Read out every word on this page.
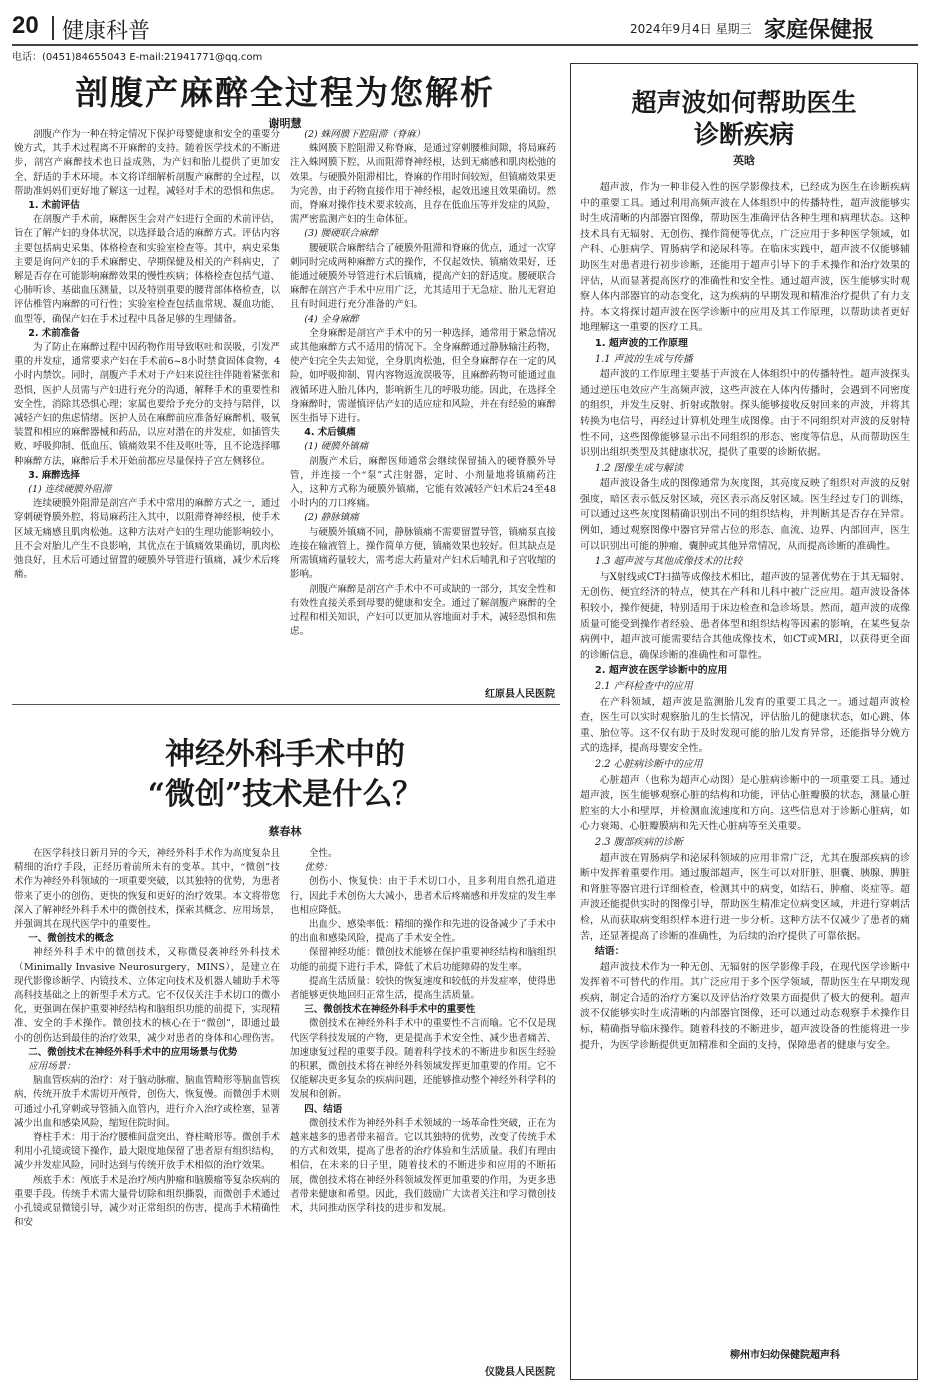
20 健康科普	2024年9月4日 星期三 家庭保健报
电话：(0451)84655043 E-mail:21941771@qq.com
剖腹产麻醉全过程为您解析
谢明慧

剖腹产作为一种在特定情况下保护母婴健康和安全的重要分娩方式，其手术过程离不开麻醉的支持。随着医学技术的不断进步，剖宫产麻醉技术也日益成熟，为产妇和胎儿提供了更加安全、舒适的手术环境。本文将详细解析剖腹产麻醉的全过程，以帮助准妈妈们更好地了解这一过程，减轻对手术的恐惧和焦虑。

1. 术前评估

在剖腹产手术前，麻醉医生会对产妇进行全面的术前评估，旨在了解产妇的身体状况，以选择最合适的麻醉方式。评估内容主要包括病史采集、体格检查和实验室检查等。其中，病史采集主要是询问产妇的手术麻醉史、孕期保健及相关的产科病史，了解是否存在可能影响麻醉效果的慢性疾病；体格检查包括气道、心肺听诊、基础血压测量，以及特别重要的腰背部体格检查，以评估椎管内麻醉的可行性；实验室检查包括血常规、凝血功能、血型等，确保产妇在手术过程中具备足够的生理储备。

2. 术前准备

为了防止在麻醉过程中因药物作用导致呕吐和误吸，引发严重的并发症，通常要求产妇在手术前6~8小时禁食固体食物，4小时内禁饮。同时，剖腹产手术对于产妇来说往往伴随着紧张和恐惧，医护人员需与产妇进行充分的沟通，解释手术的重要性和安全性，消除其恐惧心理；家属也要给予充分的支持与陪伴，以减轻产妇的焦虑情绪。医护人员在麻醉前应准备好麻醉机、吸氧装置和相应的麻醉器械和药品，以应对潜在的并发症，如插管失败、呼吸抑制、低血压、镇痛效果不佳及呕吐等，且不论选择哪种麻醉方法，麻醉后手术开始前都应尽量保持子宫左侧移位。

3. 麻醉选择

(1) 连续硬膜外阻滞

连续硬膜外阻滞是剖宫产手术中常用的麻醉方式之一，通过穿刺硬脊膜外腔，将局麻药注入其中，以阻滞脊神经根，使手术区域无痛感且肌肉松弛。这种方法对产妇的生理功能影响较小，且不会对胎儿产生不良影响，其优点在于镇痛效果确切，肌肉松弛良好，且术后可通过留置的硬膜外导管进行镇痛，减少术后疼痛。

(2) 蛛网膜下腔阻滞（脊麻）

蛛网膜下腔阻滞又称脊麻，是通过穿刺腰椎间隙，将局麻药注入蛛网膜下腔，从而阻滞脊神经根，达到无痛感和肌肉松弛的效果。与硬膜外阻滞相比，脊麻的作用时间较短，但镇痛效果更为完善，由于药物直接作用于神经根，起效迅速且效果确切。然而，脊麻对操作技术要求较高，且存在低血压等并发症的风险，需严密监测产妇的生命体征。

(3) 腰硬联合麻醉

腰硬联合麻醉结合了硬膜外阻滞和脊麻的优点，通过一次穿刺同时完成两种麻醉方式的操作，不仅起效快、镇痛效果好，还能通过硬膜外导管进行术后镇痛，提高产妇的舒适度。腰硬联合麻醉在剖宫产手术中应用广泛，尤其适用于无急症、胎儿无窘迫且有时间进行充分准备的产妇。

(4) 全身麻醉

全身麻醉是剖宫产手术中的另一种选择，通常用于紧急情况或其他麻醉方式不适用的情况下。全身麻醉通过静脉输注药物，使产妇完全失去知觉，全身肌肉松弛，但全身麻醉存在一定的风险，如呼吸抑制、胃内容物返流误吸等，且麻醉药物可能通过血液循环进入胎儿体内，影响新生儿的呼吸功能。因此，在选择全身麻醉时，需谨慎评估产妇的适应症和风险，并在有经验的麻醉医生指导下进行。

4. 术后镇痛

(1) 硬膜外镇痛

剖腹产术后，麻醉医师通常会继续保留插入的硬脊膜外导管，并连接一个“泵”式注射器，定时、小剂量地将镇痛药注入，这种方式称为硬膜外镇痛，它能有效减轻产妇术后24至48小时内的刀口疼痛。

(2) 静脉镇痛

与硬膜外镇痛不同，静脉镇痛不需要留置导管，镇痛泵直接连接在输液管上，操作简单方便，镇痛效果也较好。但其缺点是所需镇痛药量较大，需考虑大药量对产妇术后哺乳和子宫收缩的影响。

剖腹产麻醉是剖宫产手术中不可或缺的一部分，其安全性和有效性直接关系到母婴的健康和安全。通过了解剖腹产麻醉的全过程和相关知识，产妇可以更加从容地面对手术，减轻恐惧和焦虑。

红原县人民医院
神经外科手术中的
“微创”技术是什么？
蔡春林

在医学科技日新月异的今天，神经外科手术作为高度复杂且精细的治疗手段，正经历着前所未有的变革。其中，“微创”技术作为神经外科领域的一项重要突破，以其独特的优势，为患者带来了更小的创伤、更快的恢复和更好的治疗效果。本文将带您深入了解神经外科手术中的微创技术，探索其概念、应用场景，并强调其在现代医学中的重要性。

一、微创技术的概念

神经外科手术中的微创技术，又称微侵袭神经外科技术（Minimally Invasive Neurosurgery，MINS），是建立在现代影像诊断学、内镜技术、立体定向技术及机器人辅助手术等高科技基础之上的新型手术方式。它不仅仅关注手术切口的微小化，更强调在保护重要神经结构和脑组织功能的前提下，实现精准、安全的手术操作。微创技术的核心在于“微创”，即通过最小的创伤达到最佳的治疗效果，减少对患者的身体和心理伤害。

二、微创技术在神经外科手术中的应用场景与优势

应用场景：

脑血管疾病的治疗：对于脑动脉瘤、脑血管畸形等脑血管疾病，传统开放手术需切开颅骨，创伤大、恢复慢。而微创手术则可通过小孔穿刺或导管插入血管内，进行介入治疗或栓塞，显著减少出血和感染风险，缩短住院时间。

脊柱手术：用于治疗腰椎间盘突出、脊柱畸形等。微创手术利用小孔镜或镜下操作，最大限度地保留了患者原有组织结构，减少并发症风险，同时达到与传统开放手术相似的治疗效果。

颅底手术：颅底手术是治疗颅内肿瘤和脑膜瘤等复杂疾病的重要手段。传统手术需大量骨切除和组织撕裂，而微创手术通过小孔镜或显微镜引导，减少对正常组织的伤害，提高手术精确性和安

全性。

优势：

创伤小、恢复快：由于手术切口小，且多利用自然孔道进行，因此手术创伤大大减小，患者术后疼痛感和并发症的发生率也相应降低。

出血少、感染率低：精细的操作和先进的设备减少了手术中的出血和感染风险，提高了手术安全性。

保留神经功能：微创技术能够在保护重要神经结构和脑组织功能的前提下进行手术，降低了术后功能障碍的发生率。

提高生活质量：较快的恢复速度和较低的并发症率，使得患者能够更快地回归正常生活，提高生活质量。

三、微创技术在神经外科手术中的重要性

微创技术在神经外科手术中的重要性不言而喻。它不仅是现代医学科技发展的产物，更是提高手术安全性、减少患者痛苦、加速康复过程的重要手段。随着科学技术的不断进步和医生经验的积累，微创技术将在神经外科领域发挥更加重要的作用。它不仅能解决更多复杂的疾病问题，还能够推动整个神经外科学科的发展和创新。

四、结语

微创技术作为神经外科手术领域的一场革命性突破，正在为越来越多的患者带来福音。它以其独特的优势，改变了传统手术的方式和效果，提高了患者的治疗体验和生活质量。我们有理由相信，在未来的日子里，随着技术的不断进步和应用的不断拓展，微创技术将在神经外科领域发挥更加重要的作用，为更多患者带来健康和希望。因此，我们鼓励广大读者关注和学习微创技术，共同推动医学科技的进步和发展。

仪陇县人民医院
超声波如何帮助医生
诊断疾病
英晗

超声波，作为一种非侵入性的医学影像技术，已经成为医生在诊断疾病中的重要工具。通过利用高频声波在人体组织中的传播特性，超声波能够实时生成清晰的内部器官图像，帮助医生准确评估各种生理和病理状态。这种技术具有无辐射、无创伤、操作简便等优点，广泛应用于多种医学领域，如产科、心脏病学、胃肠病学和泌尿科等。在临床实践中，超声波不仅能够辅助医生对患者进行初步诊断，还能用于超声引导下的手术操作和治疗效果的评估，从而显著提高医疗的准确性和安全性。通过超声波，医生能够实时观察人体内部器官的动态变化，这为疾病的早期发现和精准治疗提供了有力支持。本文将探讨超声波在医学诊断中的应用及其工作原理，以帮助读者更好地理解这一重要的医疗工具。

1. 超声波的工作原理

1.1 声波的生成与传播

超声波的工作原理主要基于声波在人体组织中的传播特性。超声波探头通过逆压电效应产生高频声波，这些声波在人体内传播时，会遇到不同密度的组织，并发生反射、折射或散射。探头能够接收反射回来的声波，并将其转换为电信号，再经过计算机处理生成图像。由于不同组织对声波的反射特性不同，这些图像能够显示出不同组织的形态、密度等信息，从而帮助医生识别出组织类型及其健康状况，提供了重要的诊断依据。

1.2 图像生成与解读

超声波设备生成的图像通常为灰度图，其亮度反映了组织对声波的反射强度，暗区表示低反射区域，亮区表示高反射区域。医生经过专门的训练，可以通过这些灰度图精确识别出不同的组织结构，并判断其是否存在异常。例如，通过观察图像中器官异常占位的形态、血流、边界、内部回声，医生可以识别出可能的肿瘤、囊肿或其他异常情况，从而提高诊断的准确性。

1.3 超声波与其他成像技术的比较

与X射线或CT扫描等成像技术相比，超声波的显著优势在于其无辐射、无创伤、便宜经济的特点，使其在产科和儿科中被广泛应用。超声波设备体积较小，操作便捷，特别适用于床边检查和急诊场景。然而，超声波的成像质量可能受到操作者经验、患者体型和组织结构等因素的影响，在某些复杂病例中，超声波可能需要结合其他成像技术，如CT或MRI，以获得更全面的诊断信息，确保诊断的准确性和可靠性。

2. 超声波在医学诊断中的应用

2.1 产科检查中的应用

在产科领域，超声波是监测胎儿发育的重要工具之一。通过超声波检查，医生可以实时观察胎儿的生长情况，评估胎儿的健康状态，如心跳、体重、胎位等。这不仅有助于及时发现可能的胎儿发育异常，还能指导分娩方式的选择，提高母婴安全性。

2.2 心脏病诊断中的应用

心脏超声（也称为超声心动图）是心脏病诊断中的一项重要工具。通过超声波，医生能够观察心脏的结构和功能，评估心脏瓣膜的状态，测量心脏腔室的大小和壁厚，并检测血流速度和方向。这些信息对于诊断心脏病，如心力衰竭、心脏瓣膜病和先天性心脏病等至关重要。

2.3 腹部疾病的诊断

超声波在胃肠病学和泌尿科领域的应用非常广泛，尤其在腹部疾病的诊断中发挥着重要作用。通过腹部超声，医生可以对肝脏、胆囊、胰腺、脾脏和肾脏等器官进行详细检查，检测其中的病变，如结石、肿瘤、炎症等。超声波还能提供实时的图像引导，帮助医生精准定位病变区域，并进行穿刺活检，从而获取病变组织样本进行进一步分析。这种方法不仅减少了患者的痛苦，还显著提高了诊断的准确性，为后续的治疗提供了可靠依据。

结语：

超声波技术作为一种无创、无辐射的医学影像手段，在现代医学诊断中发挥着不可替代的作用。其广泛应用于多个医学领域，帮助医生在早期发现疾病，制定合适的治疗方案以及评估治疗效果方面提供了极大的便利。超声波不仅能够实时生成清晰的内部器官图像，还可以通过动态观察手术操作目标，精确指导临床操作。随着科技的不断进步，超声波设备的性能将进一步提升，为医学诊断提供更加精准和全面的支持，保障患者的健康与安全。

柳州市妇幼保健院超声科
